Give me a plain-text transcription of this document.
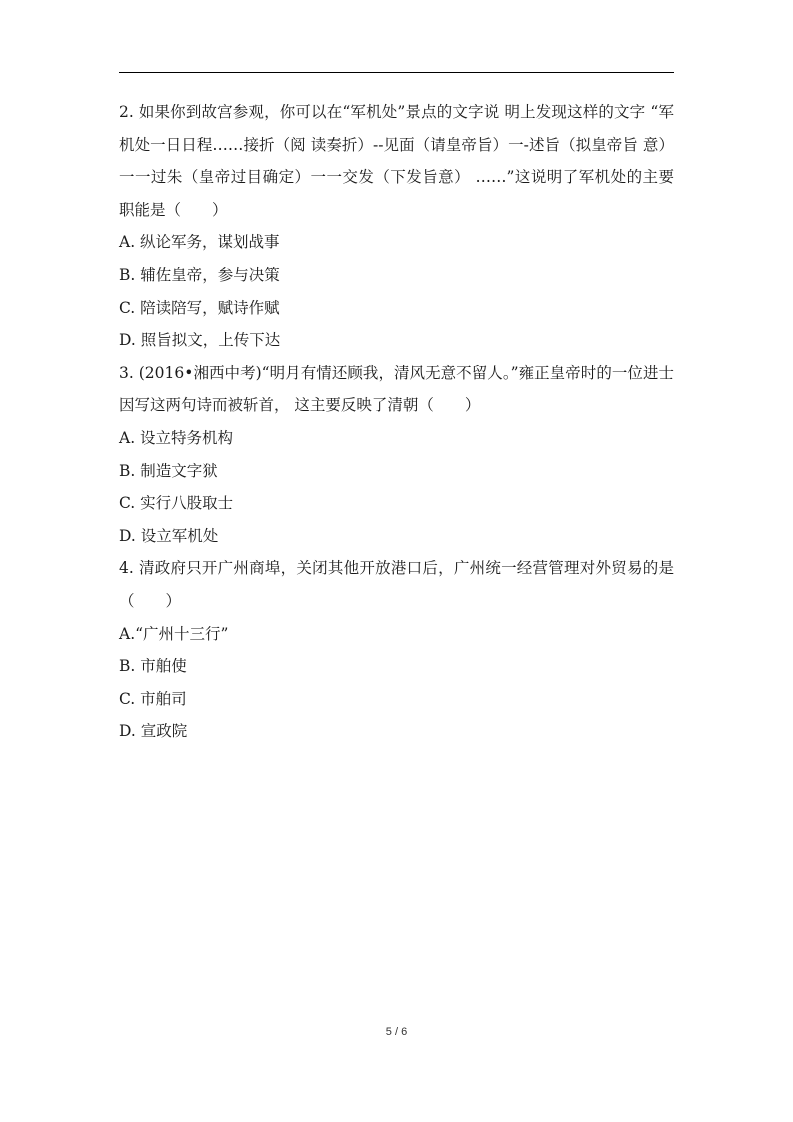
2. 如果你到故宫参观，你可以在“军机处”景点的文字说 明上发现这样的文字 “军机处一日日程……接折（阅 读奏折）--见面（请皇帝旨）一-述旨（拟皇帝旨 意）一一过朱（皇帝过目确定）一一交发（下发旨意） ……”这说明了军机处的主要职能是（　　）

A. 纵论军务，谋划战事

B. 辅佐皇帝，参与决策

C. 陪读陪写，赋诗作赋

D. 照旨拟文，上传下达

3. (2016•湘西中考)“明月有情还顾我，清风无意不留人。”雍正皇帝时的一位进士因写这两句诗而被斩首， 这主要反映了清朝（　　）

A. 设立特务机构

B. 制造文字狱

C. 实行八股取士

D. 设立军机处

4. 清政府只开广州商埠，关闭其他开放港口后，广州统一经营管理对外贸易的是（　　）

A.“广州十三行”

B. 市舶使

C. 市舶司

D. 宣政院

5 / 6
